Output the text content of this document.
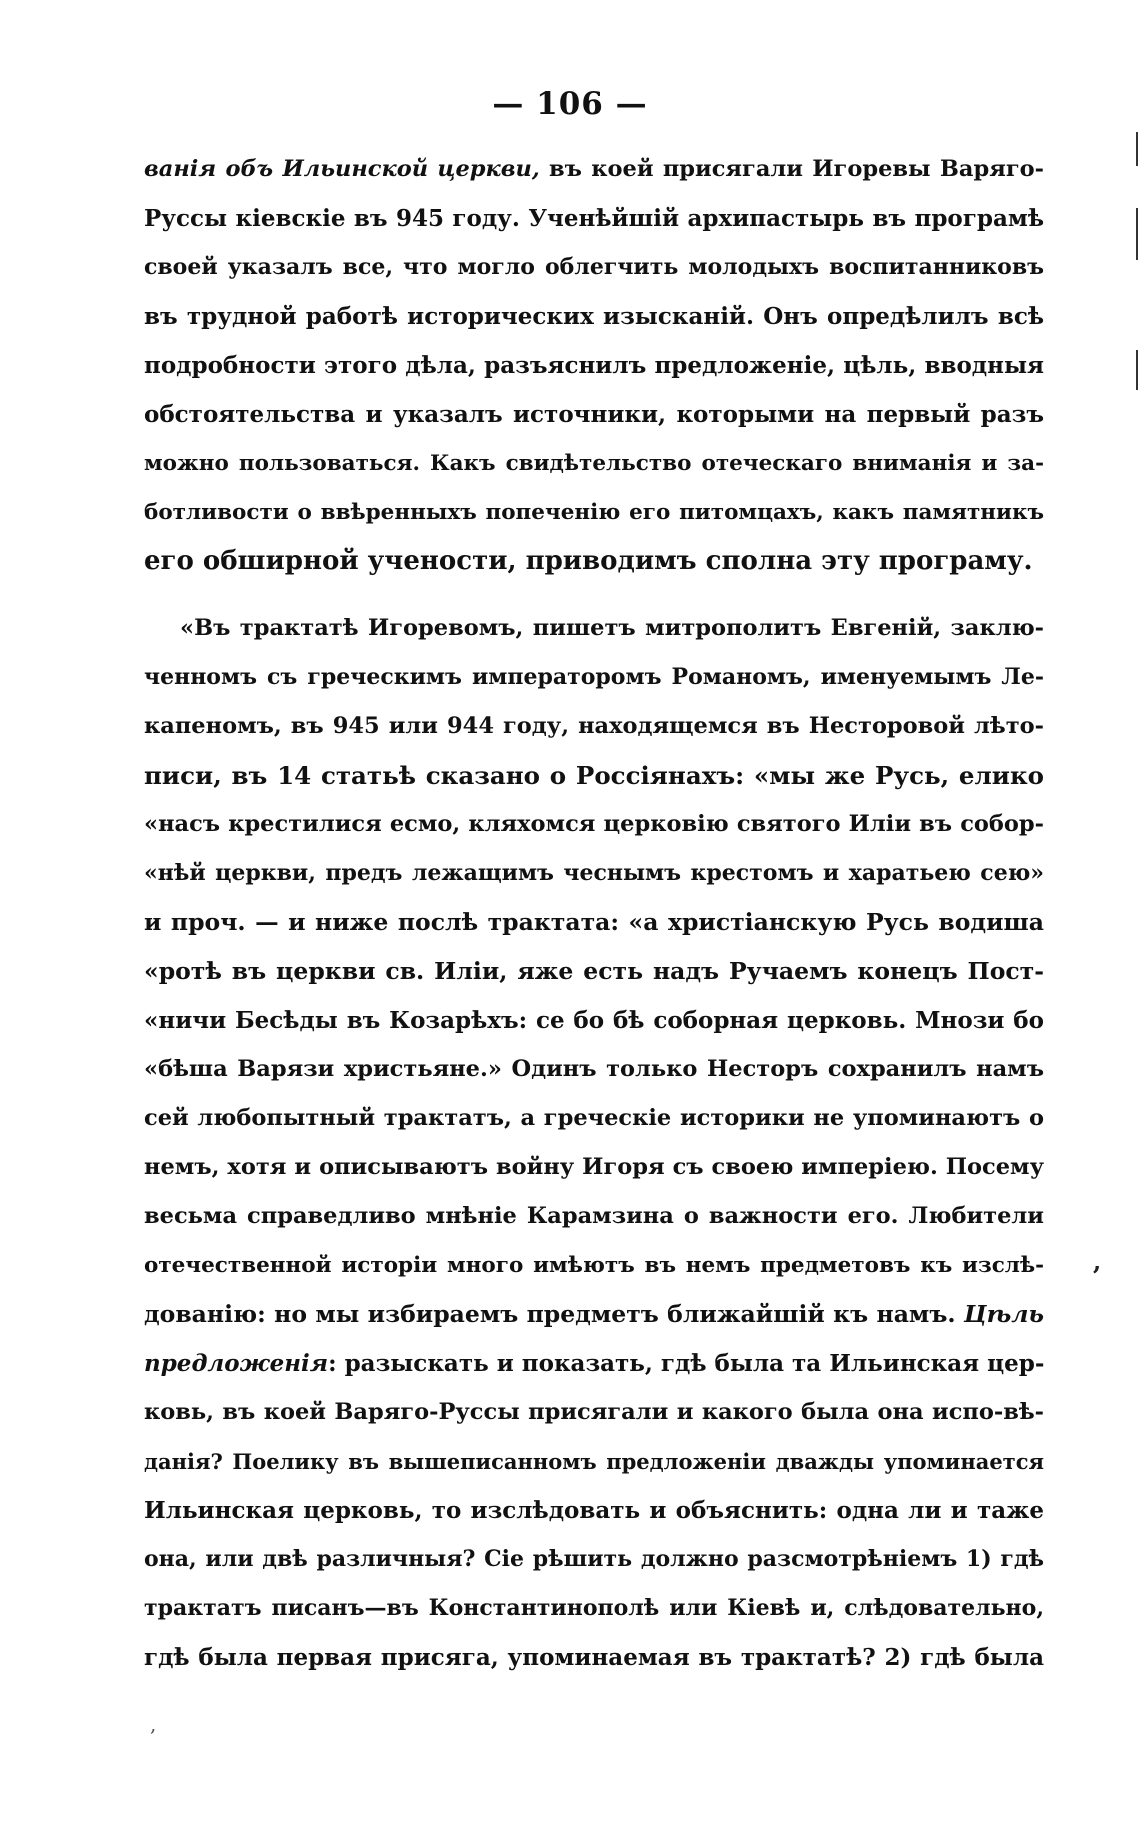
— 106 —
ванія объ Ильинской церкви, въ коей присягали Игоревы Варяго-
Руссы кіевскіе въ 945 году. Ученѣйшій архипастырь въ програмѣ
своей указалъ все, что могло облегчить молодыхъ воспитанниковъ
въ трудной работѣ исторических изысканій. Онъ опредѣлилъ всѣ
подробности этого дѣла, разъяснилъ предложеніе, цѣль, вводныя
обстоятельства и указалъ источники, которыми на первый разъ
можно пользоваться. Какъ свидѣтельство отеческаго вниманія и за-
ботливости о ввѣренныхъ попеченію его питомцахъ, какъ памятникъ
его обширной учености, приводимъ сполна эту програму.
«Въ трактатѣ Игоревомъ, пишетъ митрополитъ Евгеній, заклю-
ченномъ съ греческимъ императоромъ Романомъ, именуемымъ Ле-
капеномъ, въ 945 или 944 году, находящемся въ Несторовой лѣто-
писи, въ 14 статьѣ сказано о Россіянахъ: «мы же Русь, елико
«насъ крестилися есмо, кляхомся церковію святого Иліи въ собор-
«нѣй церкви, предъ лежащимъ чеснымъ крестомъ и харатьею сею»
и проч. — и ниже послѣ трактата: «а христіанскую Русь водиша
«ротѣ въ церкви св. Иліи, яже есть надъ Ручаемъ конецъ Пост-
«ничи Бесѣды въ Козарѣхъ: се бо бѣ соборная церковь. Мнози бо
«бѣша Варязи христьяне.» Одинъ только Несторъ сохранилъ намъ
сей любопытный трактатъ, а греческіе историки не упоминаютъ о
немъ, хотя и описываютъ войну Игоря съ своею имперіею. Посему
весьма справедливо мнѣніе Карамзина о важности его. Любители
отечественной исторіи много имѣютъ въ немъ предметовъ къ изслѣ-
дованію: но мы избираемъ предметъ ближайшій къ намъ. Цѣль
предложенія: разыскать и показать, гдѣ была та Ильинская цер-
ковь, въ коей Варяго-Руссы присягали и какого была она испо-вѣ-
данія? Поелику въ вышеписанномъ предложеніи дважды упоминается
Ильинская церковь, то изслѣдовать и объяснить: одна ли и таже
она, или двѣ различныя? Сіе рѣшить должно разсмотрѣніемъ 1) гдѣ
трактатъ писанъ—въ Константинополѣ или Кіевѣ и, слѣдовательно,
гдѣ была первая присяга, упоминаемая въ трактатѣ? 2) гдѣ была
’
,
